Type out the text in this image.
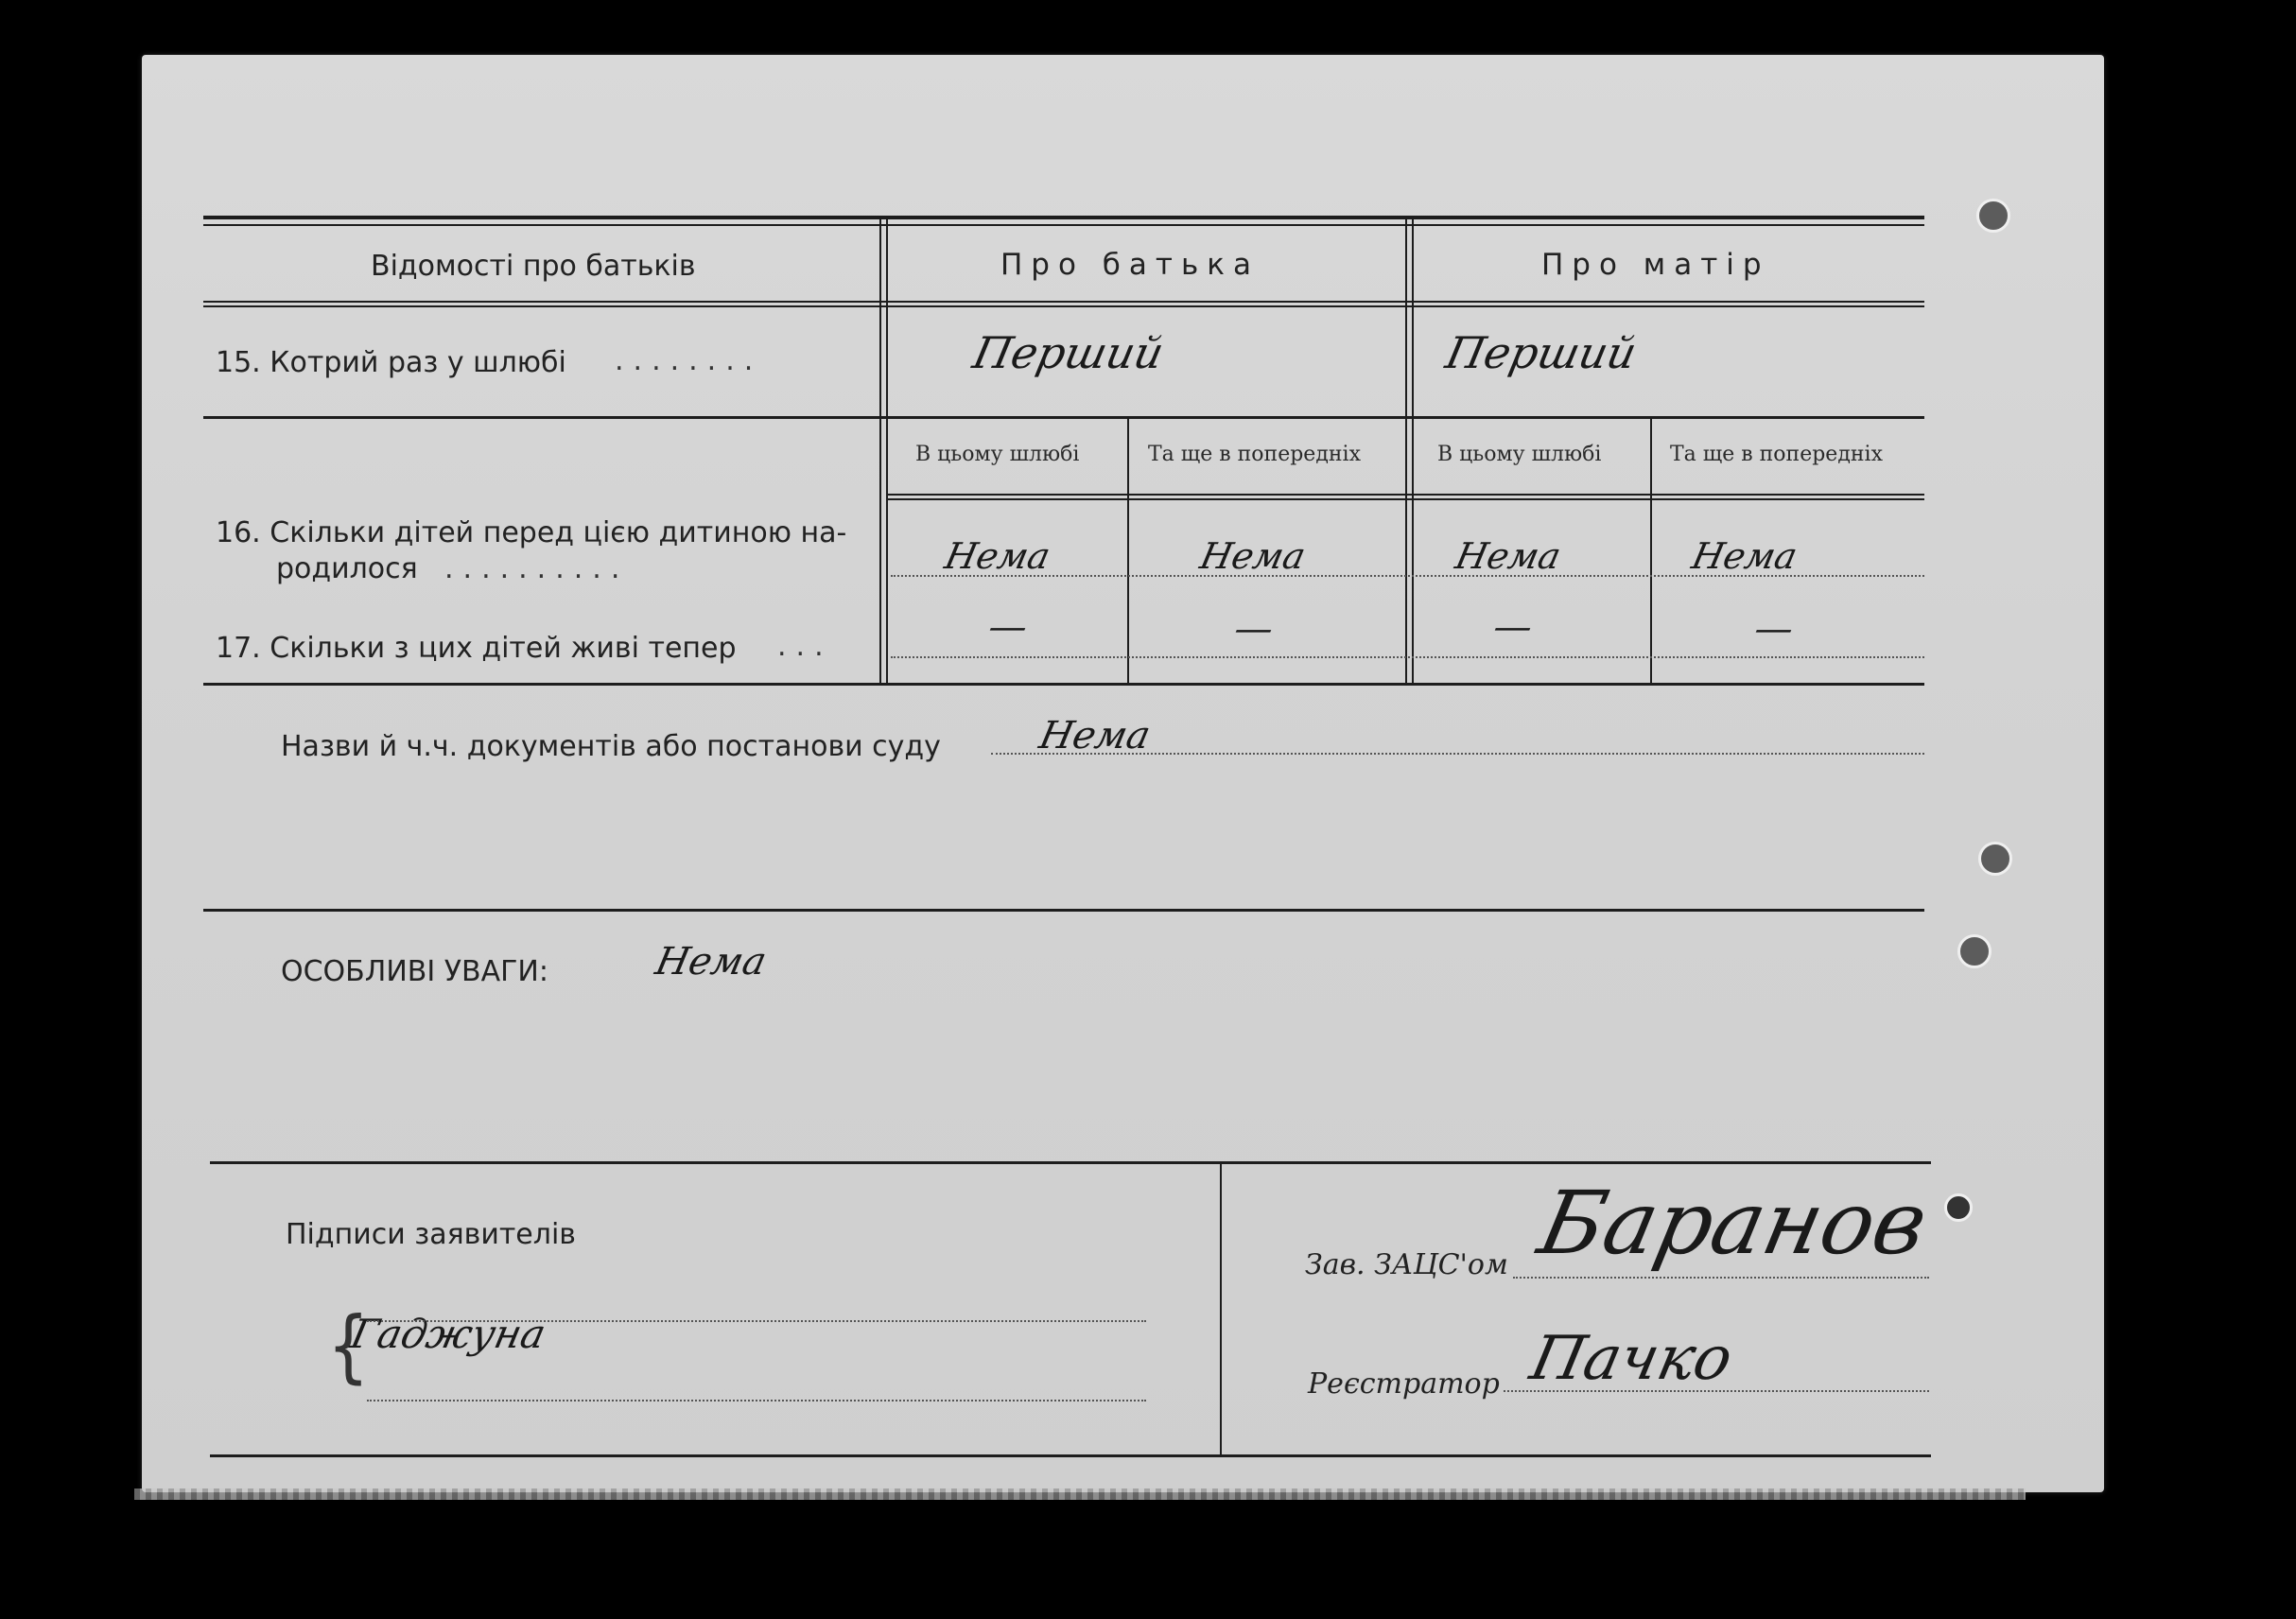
Відомості про батьків	Про батька	Про матір
15. Котрий раз у шлюбі ........	Перший	Перший
В цьому шлюбі	Та ще в попередніх	В цьому шлюбі	Та ще в попередніх
16. Скільки дітей перед цією дитиною на-
родилося ..........	Нема	Нема	Нема	Нема
17. Скільки з цих дітей живі тепер ...	—	—	—	—
Назви й ч.ч. документів або постанови суду	Нема
ОСОБЛИВІ УВАГИ:	Нема
Підписи заявителів
{
Гаджуна
Зав. ЗАЦС'ом Баранов
Реєстратор Пачко
